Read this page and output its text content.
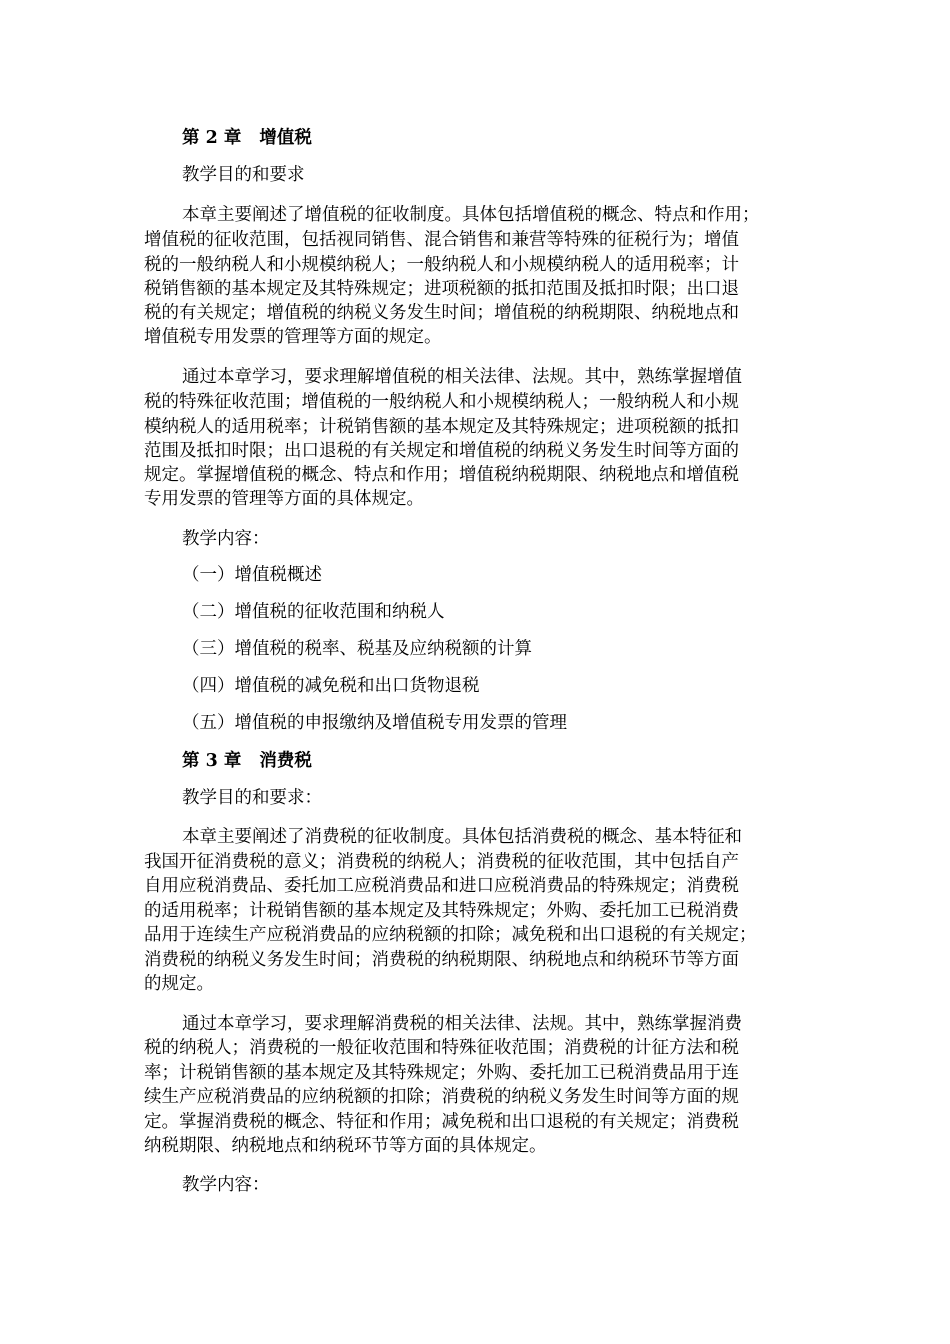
第 2 章 增值税
教学目的和要求
本章主要阐述了增值税的征收制度。具体包括增值税的概念、特点和作用；
增值税的征收范围，包括视同销售、混合销售和兼营等特殊的征税行为；增值
税的一般纳税人和小规模纳税人；一般纳税人和小规模纳税人的适用税率；计
税销售额的基本规定及其特殊规定；进项税额的抵扣范围及抵扣时限；出口退
税的有关规定；增值税的纳税义务发生时间；增值税的纳税期限、纳税地点和
增值税专用发票的管理等方面的规定。
通过本章学习，要求理解增值税的相关法律、法规。其中，熟练掌握增值
税的特殊征收范围；增值税的一般纳税人和小规模纳税人；一般纳税人和小规
模纳税人的适用税率；计税销售额的基本规定及其特殊规定；进项税额的抵扣
范围及抵扣时限；出口退税的有关规定和增值税的纳税义务发生时间等方面的
规定。掌握增值税的概念、特点和作用；增值税纳税期限、纳税地点和增值税
专用发票的管理等方面的具体规定。
教学内容：
（一）增值税概述
（二）增值税的征收范围和纳税人
（三）增值税的税率、税基及应纳税额的计算
（四）增值税的减免税和出口货物退税
（五）增值税的申报缴纳及增值税专用发票的管理
第 3 章 消费税
教学目的和要求：
本章主要阐述了消费税的征收制度。具体包括消费税的概念、基本特征和
我国开征消费税的意义；消费税的纳税人；消费税的征收范围，其中包括自产
自用应税消费品、委托加工应税消费品和进口应税消费品的特殊规定；消费税
的适用税率；计税销售额的基本规定及其特殊规定；外购、委托加工已税消费
品用于连续生产应税消费品的应纳税额的扣除；减免税和出口退税的有关规定；
消费税的纳税义务发生时间；消费税的纳税期限、纳税地点和纳税环节等方面
的规定。
通过本章学习，要求理解消费税的相关法律、法规。其中，熟练掌握消费
税的纳税人；消费税的一般征收范围和特殊征收范围；消费税的计征方法和税
率；计税销售额的基本规定及其特殊规定；外购、委托加工已税消费品用于连
续生产应税消费品的应纳税额的扣除；消费税的纳税义务发生时间等方面的规
定。掌握消费税的概念、特征和作用；减免税和出口退税的有关规定；消费税
纳税期限、纳税地点和纳税环节等方面的具体规定。
教学内容：
